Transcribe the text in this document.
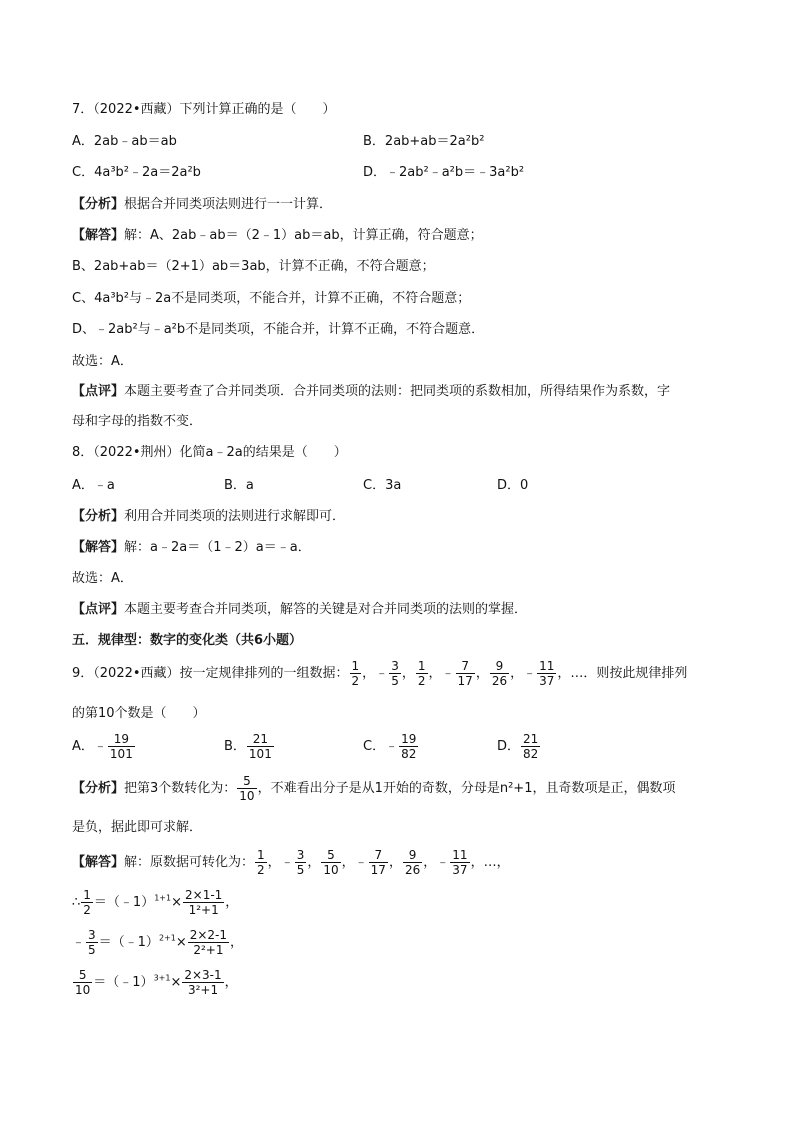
7．（2022•西藏）下列计算正确的是（　　）
A．2ab﹣ab＝ab	B．2ab+ab＝2a²b²
C．4a³b²﹣2a＝2a²b	D．﹣2ab²﹣a²b＝﹣3a²b²
【分析】根据合并同类项法则进行一一计算．
【解答】解：A、2ab﹣ab＝（2﹣1）ab＝ab，计算正确，符合题意；
B、2ab+ab＝（2+1）ab＝3ab，计算不正确，不符合题意；
C、4a³b²与﹣2a不是同类项，不能合并，计算不正确，不符合题意；
D、﹣2ab²与﹣a²b不是同类项，不能合并，计算不正确，不符合题意．
故选：A．
【点评】本题主要考查了合并同类项．合并同类项的法则：把同类项的系数相加，所得结果作为系数，字
母和字母的指数不变．
8．（2022•荆州）化简a﹣2a的结果是（　　）
A．﹣a	B．a	C．3a	D．0
【分析】利用合并同类项的法则进行求解即可．
【解答】解：a﹣2a＝（1﹣2）a＝﹣a．
故选：A．
【点评】本题主要考查合并同类项，解答的关键是对合并同类项的法则的掌握．
五．规律型：数字的变化类（共6小题）
9．（2022•西藏）按一定规律排列的一组数据： $\frac{1}{2}$ ，﹣ $\frac{3}{5}$ ， $\frac{1}{2}$ ，﹣ $\frac{7}{17}$ ， $\frac{9}{26}$ ，﹣ $\frac{11}{37}$ ，…．则按此规律排列
的第10个数是（　　）
A．﹣ $\frac{19}{101}$	B． $\frac{21}{101}$	C．﹣ $\frac{19}{82}$	D． $\frac{21}{82}$
【分析】把第3个数转化为： $\frac{5}{10}$ ，不难看出分子是从1开始的奇数，分母是n²+1，且奇数项是正，偶数项
是负，据此即可求解．
【解答】解：原数据可转化为： $\frac{1}{2}$ ，﹣ $\frac{3}{5}$ ， $\frac{5}{10}$ ，﹣ $\frac{7}{17}$ ， $\frac{9}{26}$ ，﹣ $\frac{11}{37}$ ，…，
∴ $\frac{1}{2}$ ＝（﹣1）$^{1+1}$× $\frac{2\times 1-1}{\text{1²+1}}$ ，
﹣ $\frac{3}{5}$ ＝（﹣1）$^{2+1}$× $\frac{2\times 2-1}{\text{2²+1}}$ ，
$\frac{5}{10}$ ＝（﹣1）$^{3+1}$× $\frac{2\times 3-1}{\text{3²+1}}$ ，
